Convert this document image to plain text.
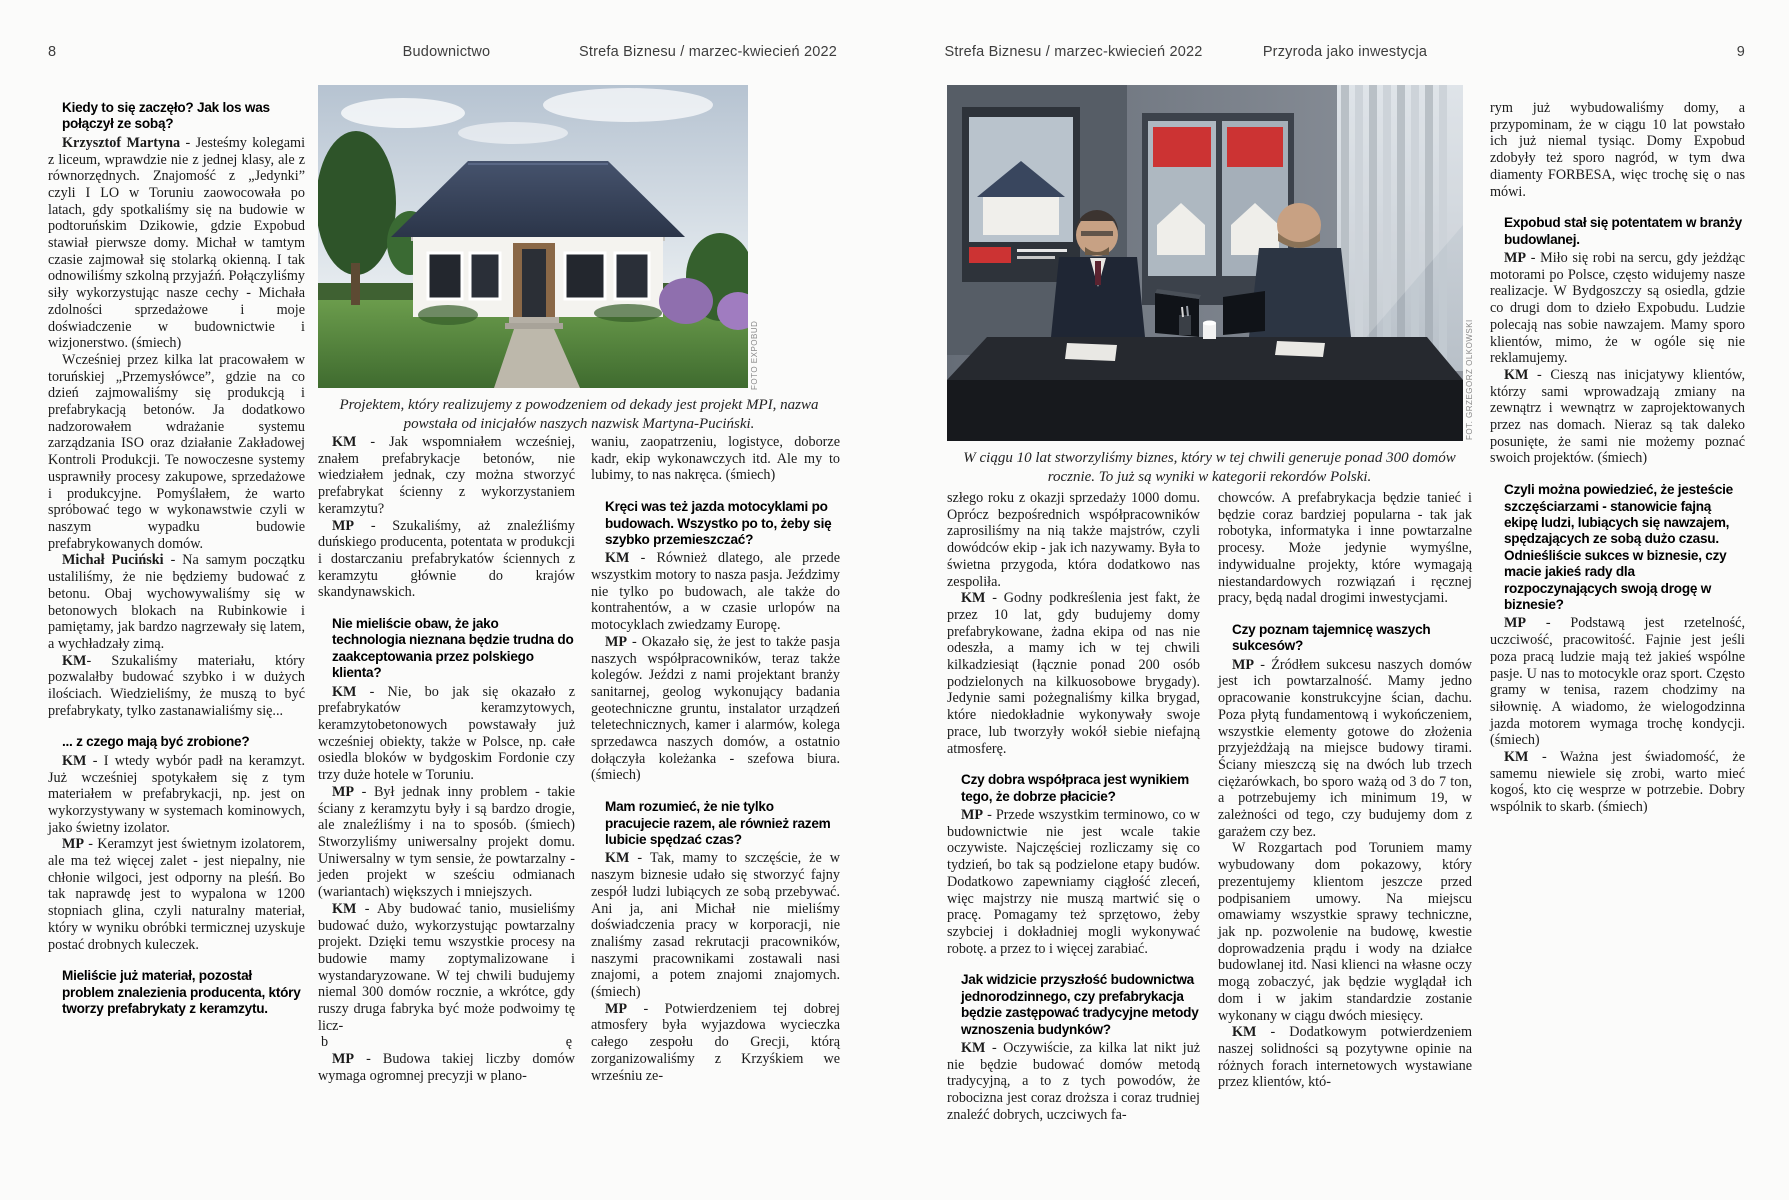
8	Budownictwo	Strefa Biznesu / marzec-kwiecień 2022
FOTO EXPOBUD
Projektem, który realizujemy z powodzeniem od dekady jest projekt MPI, nazwa powstała od inicjałów naszych nazwisk Martyna-Puciński.
Kiedy to się zaczęło? Jak los was połączył ze sobą?
Krzysztof Martyna - Jesteśmy kolegami z liceum, wprawdzie nie z jednej klasy, ale z równorzędnych. Znajomość z „Jedynki” czyli I LO w Toruniu zaowocowała po latach, gdy spotkaliśmy się na budowie w podtoruńskim Dzikowie, gdzie Expobud stawiał pierwsze domy. Michał w tamtym czasie zajmował się stolarką okienną. I tak odnowiliśmy szkolną przyjaźń. Połączyliśmy siły wykorzystując nasze cechy - Michała zdolności sprzedażowe i moje doświadczenie w budownictwie i wizjonerstwo. (śmiech)
Wcześniej przez kilka lat pracowałem w toruńskiej „Przemysłówce”, gdzie na co dzień zajmowaliśmy się produkcją i prefabrykacją betonów. Ja dodatkowo nadzorowałem wdrażanie systemu zarządzania ISO oraz działanie Zakładowej Kontroli Produkcji. Te nowoczesne systemy usprawniły procesy zakupowe, sprzedażowe i produkcyjne. Pomyślałem, że warto spróbować tego w wykonawstwie czyli w naszym wypadku budowie prefabrykowanych domów.
Michał Puciński - Na samym początku ustaliliśmy, że nie będziemy budować z betonu. Obaj wychowywaliśmy się w betonowych blokach na Rubinkowie i pamiętamy, jak bardzo nagrzewały się latem, a wychładzały zimą.
KM- Szukaliśmy materiału, który pozwalałby budować szybko i w dużych ilościach. Wiedzieliśmy, że muszą to być prefabrykaty, tylko zastanawialiśmy się...
... z czego mają być zrobione?
KM - I wtedy wybór padł na keramzyt. Już wcześniej spotykałem się z tym materiałem w prefabrykacji, np. jest on wykorzystywany w systemach kominowych, jako świetny izolator.
MP - Keramzyt jest świetnym izolatorem, ale ma też więcej zalet - jest niepalny, nie chłonie wilgoci, jest odporny na pleśń. Bo tak naprawdę jest to wypalona w 1200 stopniach glina, czyli naturalny materiał, który w wyniku obróbki termicznej uzyskuje postać drobnych kuleczek.
Mieliście już materiał, pozostał problem znalezienia producenta, który tworzy prefabrykaty z keramzytu.
KM - Jak wspomniałem wcześniej, znałem prefabrykacje betonów, nie wiedziałem jednak, czy można stworzyć prefabrykat ścienny z wykorzystaniem keramzytu?
MP - Szukaliśmy, aż znaleźliśmy duńskiego producenta, potentata w produkcji i dostarczaniu prefabrykatów ściennych z keramzytu głównie do krajów skandynawskich.
Nie mieliście obaw, że jako technologia nieznana będzie trudna do zaakceptowania przez polskiego klienta?
KM - Nie, bo jak się okazało z prefabrykatów keramzytowych, keramzytobetonowych powstawały już wcześniej obiekty, także w Polsce, np. całe osiedla bloków w bydgoskim Fordonie czy trzy duże hotele w Toruniu.
MP - Był jednak inny problem - takie ściany z keramzytu były i są bardzo drogie, ale znaleźliśmy i na to sposób. (śmiech) Stworzyliśmy uniwersalny projekt domu. Uniwersalny w tym sensie, że powtarzalny - jeden projekt w sześciu odmianach (wariantach) większych i mniejszych.
KM - Aby budować tanio, musieliśmy budować dużo, wykorzystując powtarzalny projekt. Dzięki temu wszystkie procesy na budowie mamy zoptymalizowane i wystandaryzowane. W tej chwili budujemy niemal 300 domów rocznie, a wkrótce, gdy ruszy druga fabryka być może podwoimy tę licz-
b	ę
MP - Budowa takiej liczby domów wymaga ogromnej precyzji w plano-
waniu, zaopatrzeniu, logistyce, doborze kadr, ekip wykonawczych itd. Ale my to lubimy, to nas nakręca. (śmiech)
Kręci was też jazda motocyklami po budowach. Wszystko po to, żeby się szybko przemieszczać?
KM - Również dlatego, ale przede wszystkim motory to nasza pasja. Jeździmy nie tylko po budowach, ale także do kontrahentów, a w czasie urlopów na motocyklach zwiedzamy Europę.
MP - Okazało się, że jest to także pasja naszych współpracowników, teraz także kolegów. Jeździ z nami projektant branży sanitarnej, geolog wykonujący badania geotechniczne gruntu, instalator urządzeń teletechnicznych, kamer i alarmów, kolega sprzedawca naszych domów, a ostatnio dołączyła koleżanka - szefowa biura. (śmiech)
Mam rozumieć, że nie tylko pracujecie razem, ale również razem lubicie spędzać czas?
KM - Tak, mamy to szczęście, że w naszym biznesie udało się stworzyć fajny zespół ludzi lubiących ze sobą przebywać. Ani ja, ani Michał nie mieliśmy doświadczenia pracy w korporacji, nie znaliśmy zasad rekrutacji pracowników, naszymi pracownikami zostawali nasi znajomi, a potem znajomi znajomych. (śmiech)
MP - Potwierdzeniem tej dobrej atmosfery była wyjazdowa wycieczka całego zespołu do Grecji, którą zorganizowaliśmy z Krzyśkiem we wrześniu ze-
Strefa Biznesu / marzec-kwiecień 2022	Przyroda jako inwestycja	9
FOT. GRZEGORZ OLKOWSKI
W ciągu 10 lat stworzyliśmy biznes, który w tej chwili generuje ponad 300 domów rocznie. To już są wyniki w kategorii rekordów Polski.
szłego roku z okazji sprzedaży 1000 domu. Oprócz bezpośrednich współpracowników zaprosiliśmy na nią także majstrów, czyli dowódców ekip - jak ich nazywamy. Była to świetna przygoda, która dodatkowo nas zespoliła.
KM - Godny podkreślenia jest fakt, że przez 10 lat, gdy budujemy domy prefabrykowane, żadna ekipa od nas nie odeszła, a mamy ich w tej chwili kilkadziesiąt (łącznie ponad 200 osób podzielonych na kilkuosobowe brygady). Jedynie sami pożegnaliśmy kilka brygad, które niedokładnie wykonywały swoje prace, lub tworzyły wokół siebie niefajną atmosferę.
Czy dobra współpraca jest wynikiem tego, że dobrze płacicie?
MP - Przede wszystkim terminowo, co w budownictwie nie jest wcale takie oczywiste. Najczęściej rozliczamy się co tydzień, bo tak są podzielone etapy budów. Dodatkowo zapewniamy ciągłość zleceń, więc majstrzy nie muszą martwić się o pracę. Pomagamy też sprzętowo, żeby szybciej i dokładniej mogli wykonywać robotę. a przez to i więcej zarabiać.
Jak widzicie przyszłość budownictwa jednorodzinnego, czy prefabrykacja będzie zastępować tradycyjne metody wznoszenia budynków?
KM - Oczywiście, za kilka lat nikt już nie będzie budować domów metodą tradycyjną, a to z tych powodów, że robocizna jest coraz droższa i coraz trudniej znaleźć dobrych, uczciwych fa-
chowców. A prefabrykacja będzie tanieć i będzie coraz bardziej popularna - tak jak robotyka, informatyka i inne powtarzalne procesy. Może jedynie wymyślne, indywidualne projekty, które wymagają niestandardowych rozwiązań i ręcznej pracy, będą nadal drogimi inwestycjami.
Czy poznam tajemnicę waszych sukcesów?
MP - Źródłem sukcesu naszych domów jest ich powtarzalność. Mamy jedno opracowanie konstrukcyjne ścian, dachu. Poza płytą fundamentową i wykończeniem, wszystkie elementy gotowe do złożenia przyjeżdżają na miejsce budowy tirami. Ściany mieszczą się na dwóch lub trzech ciężarówkach, bo sporo ważą od 3 do 7 ton, a potrzebujemy ich minimum 19, w zależności od tego, czy budujemy dom z garażem czy bez.
W Rozgartach pod Toruniem mamy wybudowany dom pokazowy, który prezentujemy klientom jeszcze przed podpisaniem umowy. Na miejscu omawiamy wszystkie sprawy techniczne, jak np. pozwolenie na budowę, kwestie doprowadzenia prądu i wody na działce budowlanej itd. Nasi klienci na własne oczy mogą zobaczyć, jak będzie wyglądał ich dom i w jakim standardzie zostanie wykonany w ciągu dwóch miesięcy.
KM - Dodatkowym potwierdzeniem naszej solidności są pozytywne opinie na różnych forach internetowych wystawiane przez klientów, któ-
rym już wybudowaliśmy domy, a przypominam, że w ciągu 10 lat powstało ich już niemal tysiąc. Domy Expobud zdobyły też sporo nagród, w tym dwa diamenty FORBESA, więc trochę się o nas mówi.
Expobud stał się potentatem w branży budowlanej.
MP - Miło się robi na sercu, gdy jeżdżąc motorami po Polsce, często widujemy nasze realizacje. W Bydgoszczy są osiedla, gdzie co drugi dom to dzieło Expobudu. Ludzie polecają nas sobie nawzajem. Mamy sporo klientów, mimo, że w ogóle się nie reklamujemy.
KM - Cieszą nas inicjatywy klientów, którzy sami wprowadzają zmiany na zewnątrz i wewnątrz w zaprojektowanych przez nas domach. Nieraz są tak daleko posunięte, że sami nie możemy poznać swoich projektów. (śmiech)
Czyli można powiedzieć, że jesteście szczęściarzami - stanowicie fajną ekipę ludzi, lubiących się nawzajem, spędzających ze sobą dużo czasu. Odnieśliście sukces w biznesie, czy macie jakieś rady dla rozpoczynających swoją drogę w biznesie?
MP - Podstawą jest rzetelność, uczciwość, pracowitość. Fajnie jest jeśli poza pracą ludzie mają też jakieś wspólne pasje. U nas to motocykle oraz sport. Często gramy w tenisa, razem chodzimy na siłownię. A wiadomo, że wielogodzinna jazda motorem wymaga trochę kondycji. (śmiech)
KM - Ważna jest świadomość, że samemu niewiele się zrobi, warto mieć kogoś, kto cię wesprze w potrzebie. Dobry wspólnik to skarb. (śmiech)
